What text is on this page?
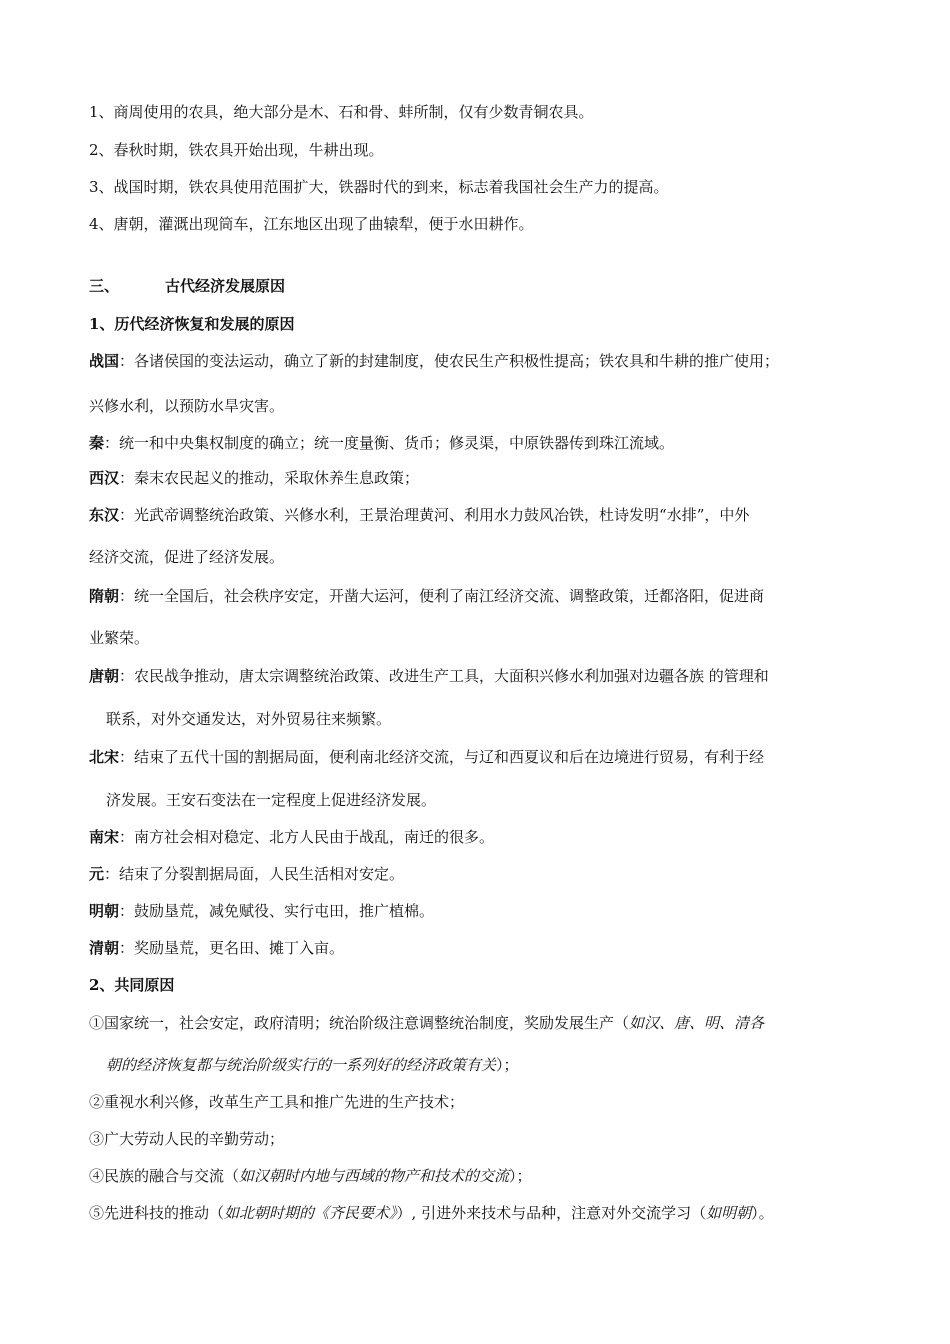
1、商周使用的农具，绝大部分是木、石和骨、蚌所制，仅有少数青铜农具。
2、春秋时期，铁农具开始出现，牛耕出现。
3、战国时期，铁农具使用范围扩大，铁器时代的到来，标志着我国社会生产力的提高。
4、唐朝，灌溉出现筒车，江东地区出现了曲辕犁，便于水田耕作。
三、	古代经济发展原因
1、历代经济恢复和发展的原因
战国：各诸侯国的变法运动，确立了新的封建制度，使农民生产积极性提高；铁农具和牛耕的推广使用；
兴修水利，以预防水旱灾害。
秦：统一和中央集权制度的确立；统一度量衡、货币；修灵渠，中原铁器传到珠江流域。
西汉：秦末农民起义的推动，采取休养生息政策；
东汉：光武帝调整统治政策、兴修水利，王景治理黄河、利用水力鼓风冶铁，杜诗发明“水排”，中外
经济交流，促进了经济发展。
隋朝：统一全国后，社会秩序安定，开凿大运河，便利了南江经济交流、调整政策，迁都洛阳，促进商
业繁荣。
唐朝：农民战争推动，唐太宗调整统治政策、改进生产工具，大面积兴修水利加强对边疆各族 的管理和
联系，对外交通发达，对外贸易往来频繁。
北宋：结束了五代十国的割据局面，便利南北经济交流，与辽和西夏议和后在边境进行贸易，有利于经
济发展。王安石变法在一定程度上促进经济发展。
南宋：南方社会相对稳定、北方人民由于战乱，南迁的很多。
元：结束了分裂割据局面，人民生活相对安定。
明朝：鼓励垦荒，减免赋役、实行屯田，推广植棉。
清朝：奖励垦荒，更名田、摊丁入亩。
2、共同原因
①国家统一，社会安定，政府清明；统治阶级注意调整统治制度，奖励发展生产（如汉、唐、明、清各
朝的经济恢复都与统治阶级实行的一系列好的经济政策有关）；
②重视水利兴修，改革生产工具和推广先进的生产技术；
③广大劳动人民的辛勤劳动；
④民族的融合与交流（如汉朝时内地与西域的物产和技术的交流）；
⑤先进科技的推动（如北朝时期的《齐民要术》）, 引进外来技术与品种，注意对外交流学习（如明朝）。
